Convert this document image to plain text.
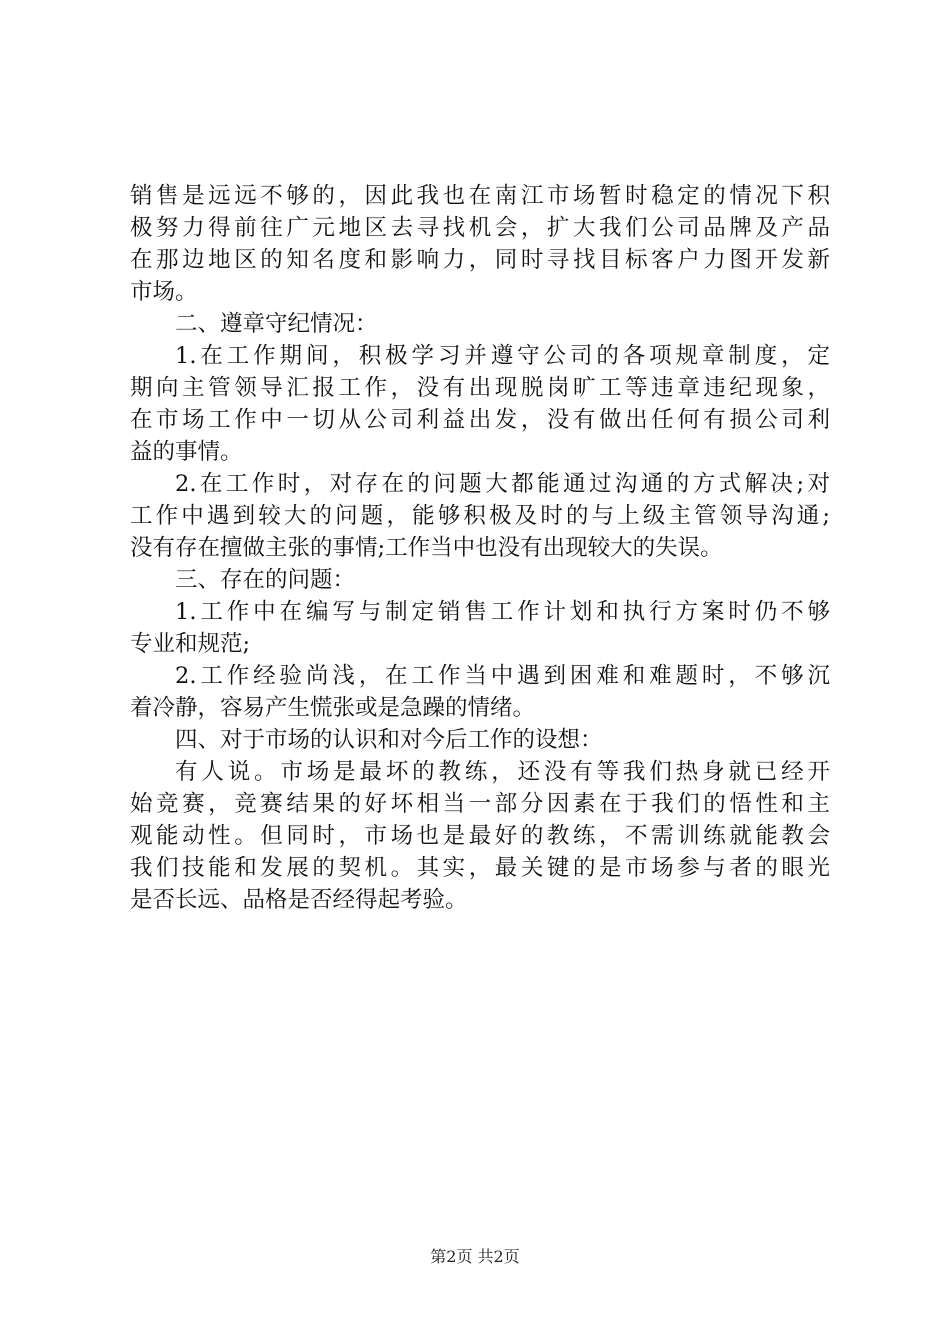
销售是远远不够的，因此我也在南江市场暂时稳定的情况下积
极努力得前往广元地区去寻找机会，扩大我们公司品牌及产品
在那边地区的知名度和影响力，同时寻找目标客户力图开发新
市场。
二、遵章守纪情况：
1.在工作期间，积极学习并遵守公司的各项规章制度，定
期向主管领导汇报工作，没有出现脱岗旷工等违章违纪现象，
在市场工作中一切从公司利益出发，没有做出任何有损公司利
益的事情。
2.在工作时，对存在的问题大都能通过沟通的方式解决;对
工作中遇到较大的问题，能够积极及时的与上级主管领导沟通;
没有存在擅做主张的事情;工作当中也没有出现较大的失误。
三、存在的问题：
1.工作中在编写与制定销售工作计划和执行方案时仍不够
专业和规范;
2.工作经验尚浅，在工作当中遇到困难和难题时，不够沉
着冷静，容易产生慌张或是急躁的情绪。
四、对于市场的认识和对今后工作的设想：
有人说。市场是最坏的教练，还没有等我们热身就已经开
始竞赛，竞赛结果的好坏相当一部分因素在于我们的悟性和主
观能动性。但同时，市场也是最好的教练，不需训练就能教会
我们技能和发展的契机。其实，最关键的是市场参与者的眼光
是否长远、品格是否经得起考验。
第2页 共2页
